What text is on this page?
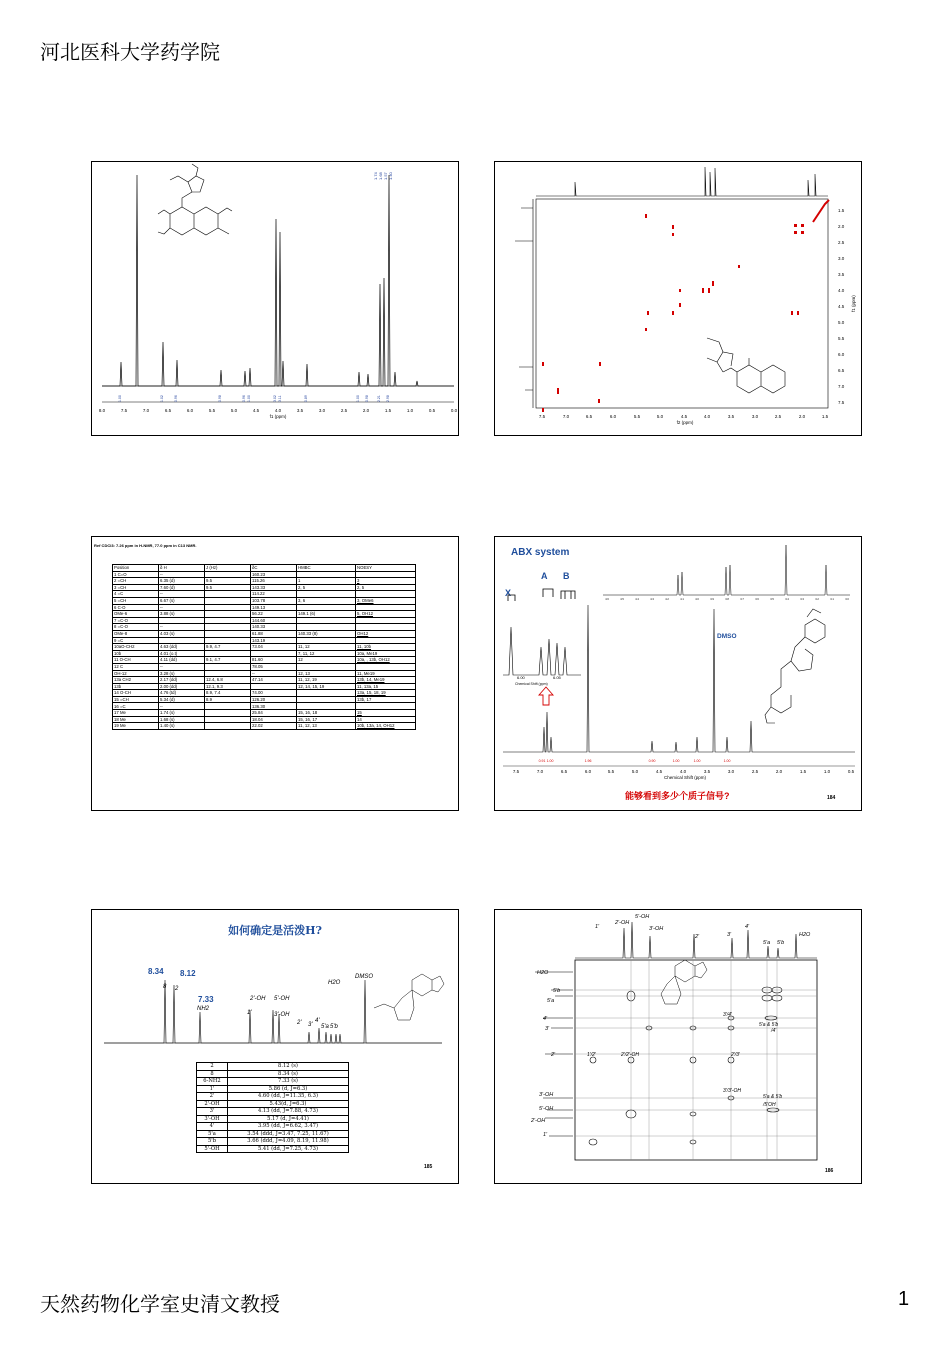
河北医科大学药学院
1.74 1.68 1.57 1.40
1.00	1.02	0.96	0.98	0.96 1.00	3.02 3.11	0.89	1.00 0.98 2.21 2.98
8.0	7.5	7.0	6.5	6.0	5.5	5.0	4.5	4.0	3.5	3.0	2.5	2.0	1.5	1.0	0.5	0.0
f1 (ppm)	7.5	7.0	6.5	6.0	5.5	5.0	4.5	4.0	3.5	3.0	2.5	2.0	1.5
f2 (ppm)
1.5
2.0
2.5
3.0
3.5
4.0
4.5
5.0
5.5
6.0
6.5
7.0
7.5
f1 (ppm)
Ref CDCl3: 7.26 ppm in H-NMR, 77.0 ppm in C13 NMR.
Position	δ H	J (Hz)	δC	HMBC	NOESY
1 C=O	--		160.23		
2 =CH	6.35 (d)	9.5	115.26	1	3
3 =CH	7.60 (d)	9.5	143.33	2, 5	2, 5
4 =C	--		114.22		
5 =CH	6.67 (s)		103.78	3, 6	3, OMe6
6 C-O	--		149.13		
OMe-6	3.88 (s)		56.22	149.1 (6)	5, OH12
7 =C-O			144.60		
8 =C-O	--		140.33		
OMe-8	4.03 (s)		61.88	140.33 (8)	OH12
9 =C			143.19		
10aO-CH2	4.63 (dd)	9.9, 4.7	73.04	11, 12	11, 10b
10b	4.01 (o.t)			7, 11, 12	10a, Me19
11 O-CH	4.11 (dd)	9.1, 4.7	81.60	12	10a, , 13b, OH12
12 C	--		78.05		
OH-12	3.28 (s)		--	12, 13	11, Me19
13a CH2	2.17 (dd)	12.4, 6.8	47.14	11, 12, 19	13b, 14, Me19
13b	2.00 (dd)	12.1, 9.3		12, 14, 15, 19	11, 13a, 15
14 O-CH	4.76 (td)	8.9, 7.4	74.00		13a, 15, 18, 19
15 =CH	5.34 (d)	8.9	126.20		13b, 17
16 =C	--		136.30		
17 Me	1.74 (s)		25.84	15, 16, 18	15
18 Me	1.68 (s)		18.04	15, 16, 17	14
19 Me	1.40 (s)		22.02	11, 12, 13	10b, 13a, 14, OH12
ABX system
4.6	4.5	4.4	4.3	4.2	4.1	4.0	3.9	3.8	3.7	3.6	3.5	3.4	3.3	3.2	3.1	3.0
X
A B
6.00	6.05
Chemical Shift (ppm)
DMSO
0.91 1.00	1.96	0.90	1.00	1.00	1.00
7.5	7.0	6.5	6.0	5.5	5.0	4.5	4.0	3.5	3.0	2.5	2.0	1.5	1.0	0.5
Chemical Shift (ppm)
能够看到多少个质子信号?	184
如何确定是活泼H?
8.34 8.12
7.33
NH2
2'-OH 5'-OH
3'-OH
DMSO
H2O
1'
2' 3'
4'
5'a 5'b
8 2
2	8.12 (s)
8	8.34 (s)
6-NH2	7.33 (s)
1'	5.86 (d, J=6.3)
2'	4.60 (dd, J=11.35, 6.3)
2'-OH	5.43(d, J=6.3)
3'	4.13 (dd, J=7.88, 4.73)
3'-OH	5.17 (d, J=4.41)
4'	3.95 (dd, J=6.62, 3.47)
5'a	3.54 (ddd, J=3.47, 7.25, 11.67)
5'b	3.66 (ddd, J=4.09, 8.19, 11.98)
5'-OH	5.41 (dd, J=7.25, 4.73)
185
5'-OH
2'-OH
3'-OH
1'
2'	3'
4'
5'a 5'b
H2O
H2O
5'b
5'a
4'
3'
2'
3'-OH
5'-OH
2'-OH
1'
3'/4'
5'a & 5'b
/4'
1'/2'	2'/2'-OH	2'/3'
3'/3'-OH
5'a & 5'b
/5'OH
186
天然药物化学室史清文教授	1
